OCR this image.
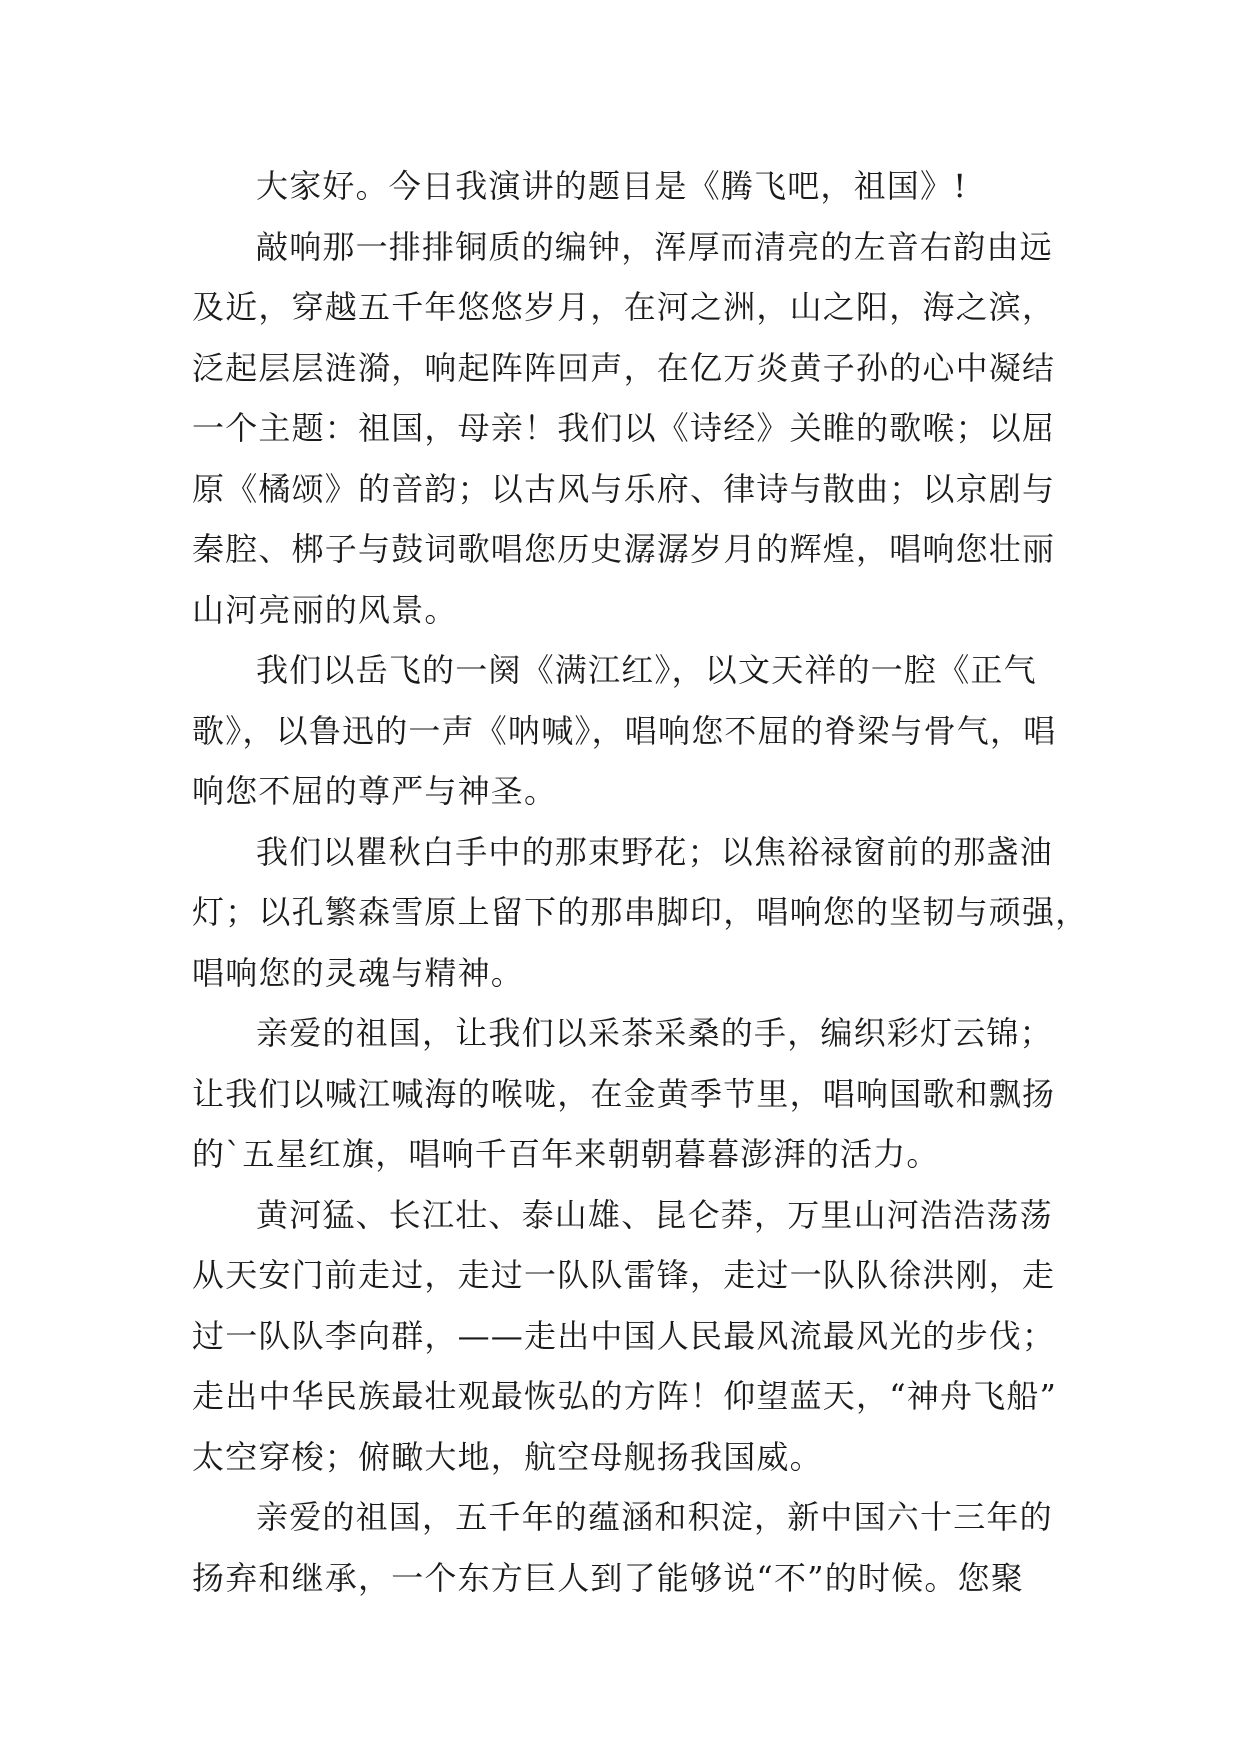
大家好。今日我演讲的题目是《腾飞吧，祖国》!
敲响那一排排铜质的编钟，浑厚而清亮的左音右韵由远
及近，穿越五千年悠悠岁月，在河之洲，山之阳，海之滨，
泛起层层涟漪，响起阵阵回声，在亿万炎黄子孙的心中凝结
一个主题：祖国，母亲！我们以《诗经》关睢的歌喉；以屈
原《橘颂》的音韵；以古风与乐府、律诗与散曲；以京剧与
秦腔、梆子与鼓词歌唱您历史潺潺岁月的辉煌，唱响您壮丽
山河亮丽的风景。
我们以岳飞的一阕《满江红》，以文天祥的一腔《正气
歌》，以鲁迅的一声《呐喊》，唱响您不屈的脊梁与骨气，唱
响您不屈的尊严与神圣。
我们以瞿秋白手中的那束野花；以焦裕禄窗前的那盏油
灯；以孔繁森雪原上留下的那串脚印，唱响您的坚韧与顽强，
唱响您的灵魂与精神。
亲爱的祖国，让我们以采茶采桑的手，编织彩灯云锦；
让我们以喊江喊海的喉咙，在金黄季节里，唱响国歌和飘扬
的`五星红旗，唱响千百年来朝朝暮暮澎湃的活力。
黄河猛、长江壮、泰山雄、昆仑莽，万里山河浩浩荡荡
从天安门前走过，走过一队队雷锋，走过一队队徐洪刚，走
过一队队李向群，——走出中国人民最风流最风光的步伐；
走出中华民族最壮观最恢弘的方阵！仰望蓝天，“神舟飞船”
太空穿梭；俯瞰大地，航空母舰扬我国威。
亲爱的祖国，五千年的蕴涵和积淀，新中国六十三年的
扬弃和继承，一个东方巨人到了能够说“不”的时候。您聚
